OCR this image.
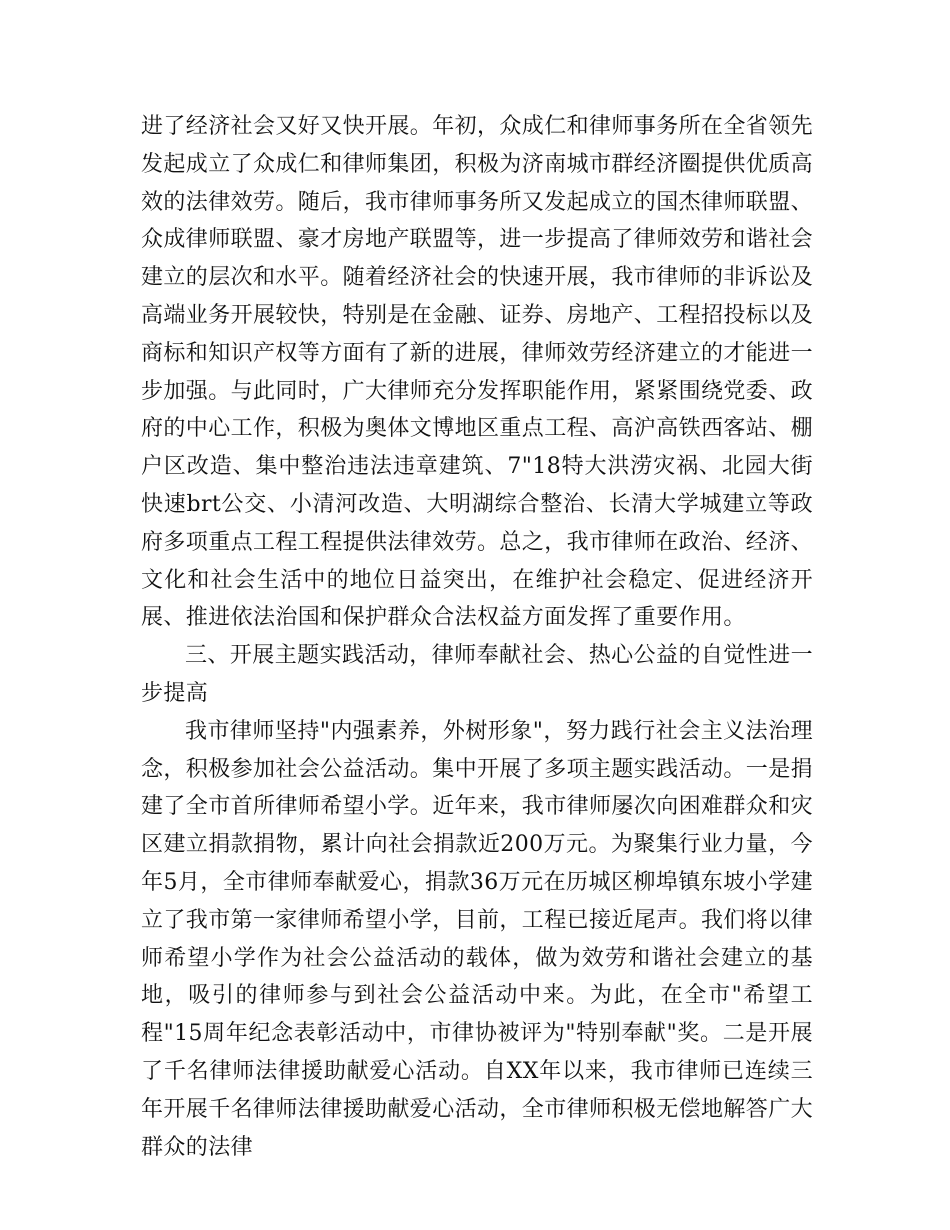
进了经济社会又好又快开展。年初，众成仁和律师事务所在全省领先发起成立了众成仁和律师集团，积极为济南城市群经济圈提供优质高效的法律效劳。随后，我市律师事务所又发起成立的国杰律师联盟、众成律师联盟、豪才房地产联盟等，进一步提高了律师效劳和谐社会建立的层次和水平。随着经济社会的快速开展，我市律师的非诉讼及高端业务开展较快，特别是在金融、证券、房地产、工程招投标以及商标和知识产权等方面有了新的进展，律师效劳经济建立的才能进一步加强。与此同时，广大律师充分发挥职能作用，紧紧围绕党委、政府的中心工作，积极为奥体文博地区重点工程、高沪高铁西客站、棚户区改造、集中整治违法违章建筑、7"18特大洪涝灾祸、北园大街快速brt公交、小清河改造、大明湖综合整治、长清大学城建立等政府多项重点工程工程提供法律效劳。总之，我市律师在政治、经济、文化和社会生活中的地位日益突出，在维护社会稳定、促进经济开展、推进依法治国和保护群众合法权益方面发挥了重要作用。

三、开展主题实践活动，律师奉献社会、热心公益的自觉性进一步提高

我市律师坚持"内强素养，外树形象"，努力践行社会主义法治理念，积极参加社会公益活动。集中开展了多项主题实践活动。一是捐建了全市首所律师希望小学。近年来，我市律师屡次向困难群众和灾区建立捐款捐物，累计向社会捐款近200万元。为聚集行业力量，今年5月，全市律师奉献爱心，捐款36万元在历城区柳埠镇东坡小学建立了我市第一家律师希望小学，目前，工程已接近尾声。我们将以律师希望小学作为社会公益活动的载体，做为效劳和谐社会建立的基地，吸引的律师参与到社会公益活动中来。为此，在全市"希望工程"15周年纪念表彰活动中，市律协被评为"特别奉献"奖。二是开展了千名律师法律援助献爱心活动。自XX年以来，我市律师已连续三年开展千名律师法律援助献爱心活动，全市律师积极无偿地解答广大群众的法律
